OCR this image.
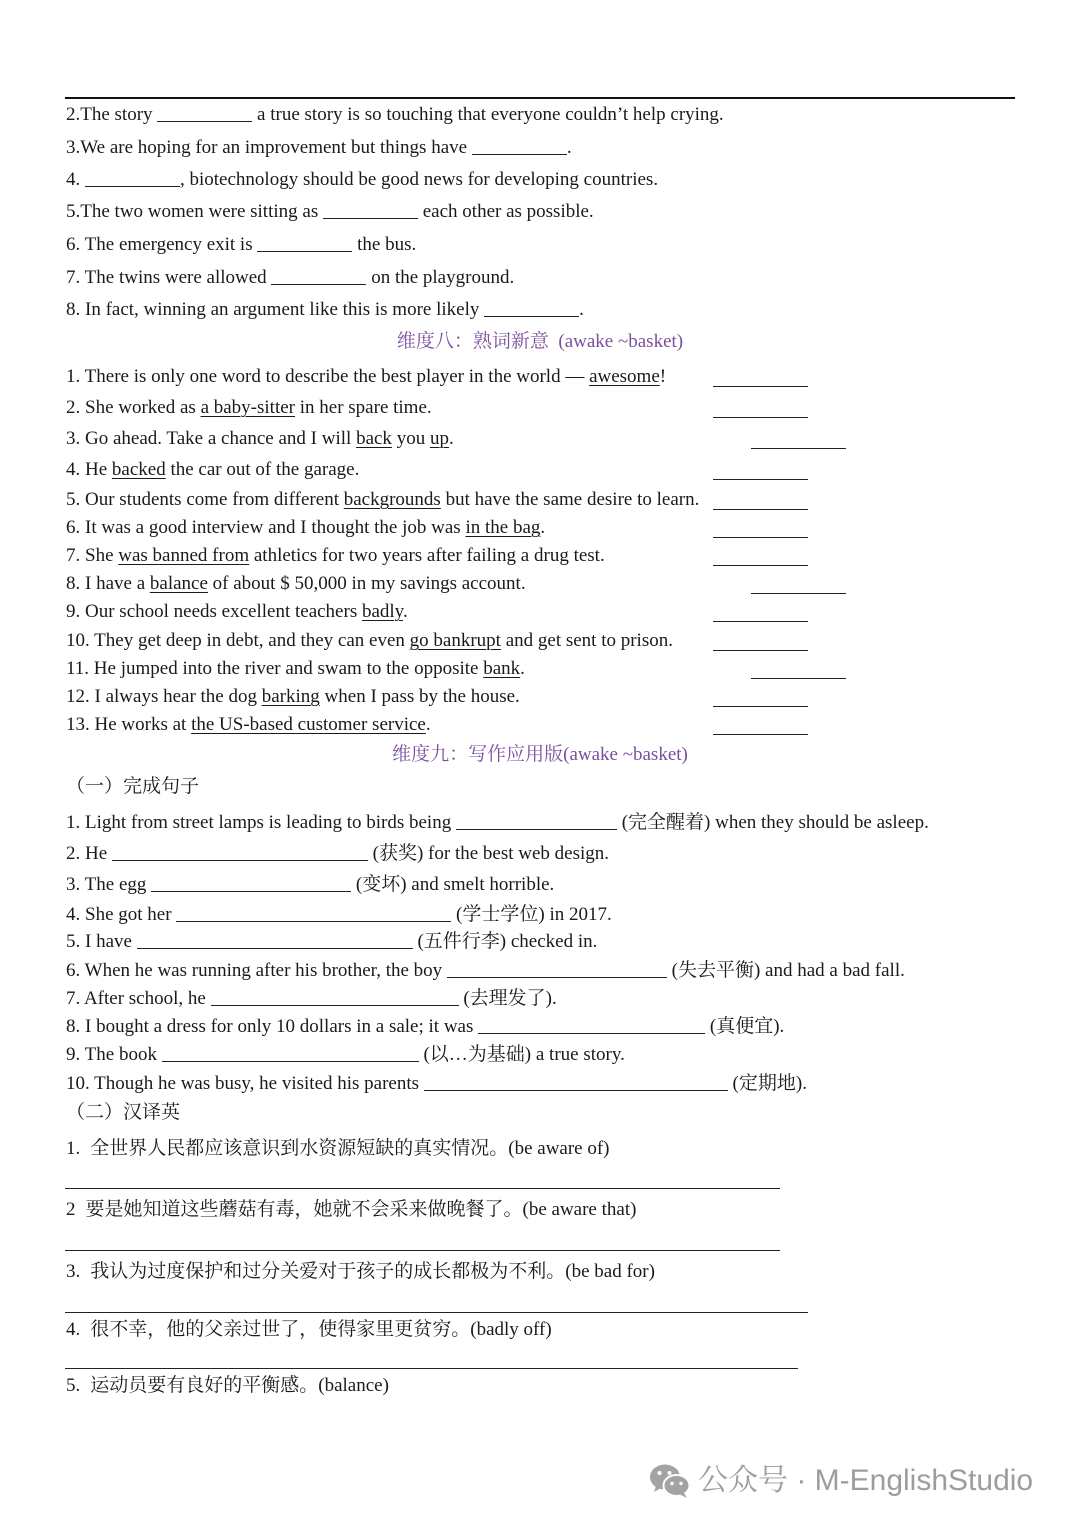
2.The story	a true story is so touching that everyone couldn’t help crying.
3.We are hoping for an improvement but things have	.
4.	, biotechnology should be good news for developing countries.
5.The two women were sitting as	each other as possible.
6. The emergency exit is	the bus.
7. The twins were allowed	on the playground.
8. In fact, winning an argument like this is more likely	.
维度八：熟词新意  (awake ~basket)
1. There is only one word to describe the best player in the world — awesome!
2. She worked as a baby-sitter in her spare time.
3. Go ahead. Take a chance and I will back you up.
4. He backed the car out of the garage.
5. Our students come from different backgrounds but have the same desire to learn.
6. It was a good interview and I thought the job was in the bag.
7. She was banned from athletics for two years after failing a drug test.
8. I have a balance of about $ 50,000 in my savings account.
9. Our school needs excellent teachers badly.
10. They get deep in debt, and they can even go bankrupt and get sent to prison.
11. He jumped into the river and swam to the opposite bank.
12. I always hear the dog barking when I pass by the house.
13. He works at the US-based customer service.
维度九：写作应用版(awake ~basket)
（一）完成句子
1. Light from street lamps is leading to birds being	(完全醒着) when they should be asleep.
2. He	(获奖) for the best web design.
3. The egg	(变坏) and smelt horrible.
4. She got her	(学士学位) in 2017.
5. I have	(五件行李) checked in.
6. When he was running after his brother, the boy	(失去平衡) and had a bad fall.
7. After school, he	(去理发了).
8. I bought a dress for only 10 dollars in a sale; it was	(真便宜).
9. The book	(以…为基础) a true story.
10. Though he was busy, he visited his parents	(定期地).
（二）汉译英
1. 全世界人民都应该意识到水资源短缺的真实情况。(be aware of)
2 要是她知道这些蘑菇有毒，她就不会采来做晚餐了。(be aware that)
3. 我认为过度保护和过分关爱对于孩子的成长都极为不利。(be bad for)
4. 很不幸，他的父亲过世了，使得家里更贫穷。(badly off)
5. 运动员要有良好的平衡感。(balance)
公众号 · M-EnglishStudio
